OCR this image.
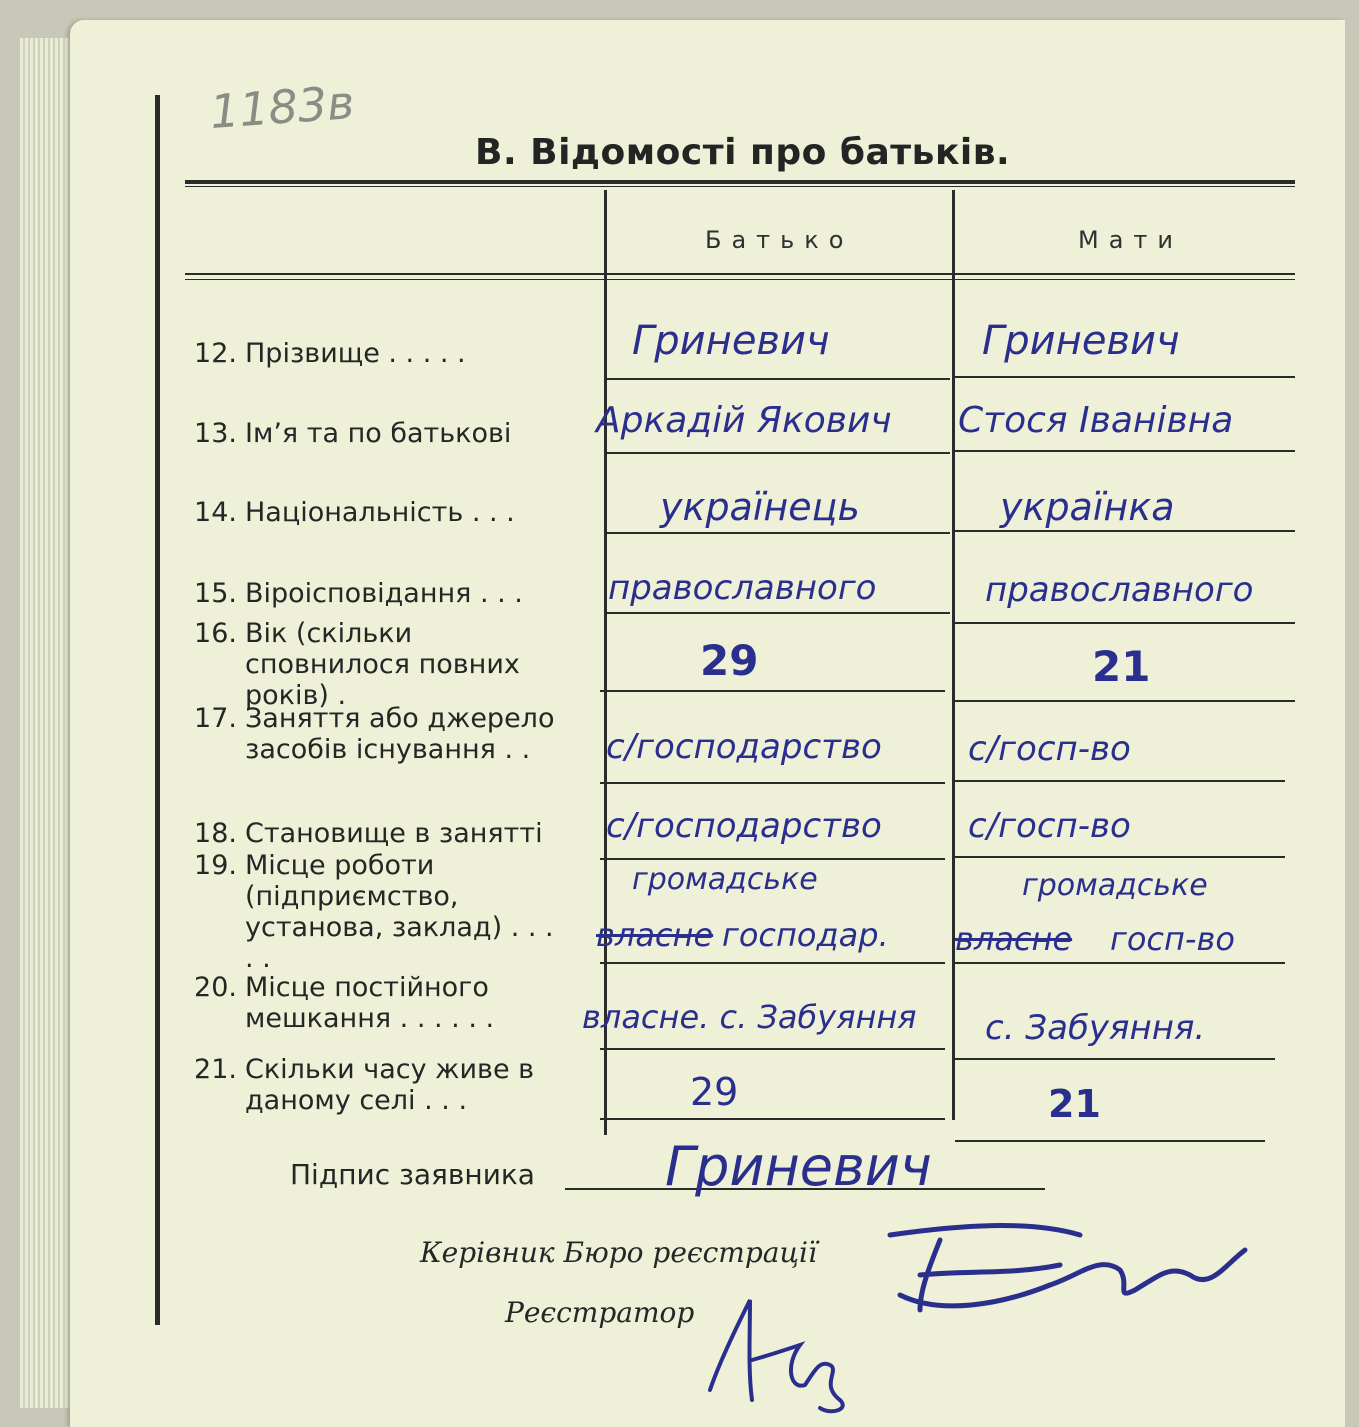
1183в
В. Відомості про батьків.
Батько	Мати
12. Прізвище . . . . .
13. Ім’я та по батькові
14. Національність . . .
15. Віроісповідання . . .
16. Вік (скільки сповнилося повних років) .
17. Заняття або джерело засобів існування . .
18. Становище в занятті
19. Місце роботи (підприємство, установа, заклад) . . . . .
20. Місце постійного мешкання . . . . . .
21. Скільки часу живе в даному селі . . .
Гриневич
Аркадій Якович
українець
православного
29
с/господарство
с/господарство
громадське
власне господар.
власне. с. Забуяння
29
Гриневич
Стося Іванівна
українка
православного
21
с/госп-во
с/госп-во
громадське
власне госп-во
с. Забуяння.
21
Підпис заявника Гриневич
Керівник Бюро реєстрації
Реєстратор
